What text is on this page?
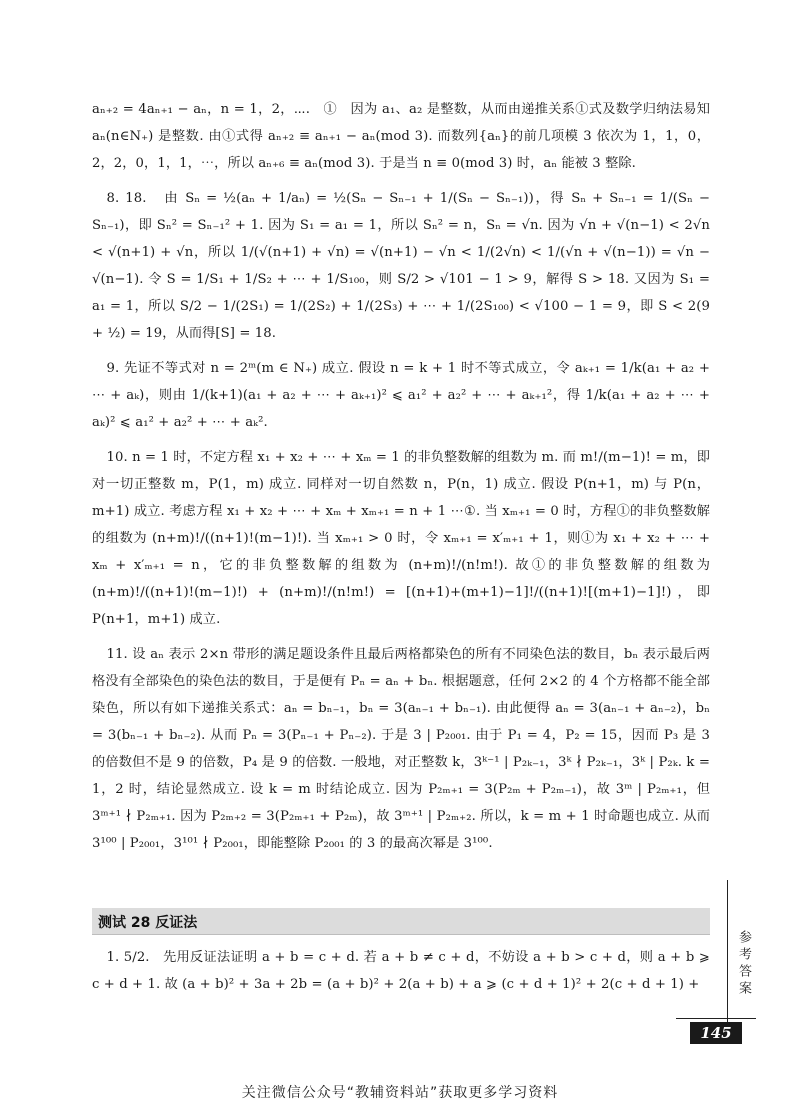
aₙ₊₂ = 4aₙ₊₁ − aₙ，n = 1，2，⋯.   ①   因为 a₁、a₂ 是整数，从而由递推关系①式及数学归纳法易知 aₙ(n∈N₊) 是整数. 由①式得 aₙ₊₂ ≡ aₙ₊₁ − aₙ(mod 3). 而数列{aₙ}的前几项模 3 依次为 1，1，0，2，2，0，1，1，⋯，所以 aₙ₊₆ ≡ aₙ(mod 3). 于是当 n ≡ 0(mod 3) 时，aₙ 能被 3 整除.

8. 18.   由 Sₙ = ½(aₙ + 1/aₙ) = ½(Sₙ − Sₙ₋₁ + 1/(Sₙ − Sₙ₋₁))，得 Sₙ + Sₙ₋₁ = 1/(Sₙ − Sₙ₋₁)，即 Sₙ² = Sₙ₋₁² + 1. 因为 S₁ = a₁ = 1，所以 Sₙ² = n，Sₙ = √n. 因为 √n + √(n−1) < 2√n < √(n+1) + √n，所以 1/(√(n+1) + √n) = √(n+1) − √n < 1/(2√n) < 1/(√n + √(n−1)) = √n − √(n−1). 令 S = 1/S₁ + 1/S₂ + ⋯ + 1/S₁₀₀，则 S/2 > √101 − 1 > 9，解得 S > 18. 又因为 S₁ = a₁ = 1，所以 S/2 − 1/(2S₁) = 1/(2S₂) + 1/(2S₃) + ⋯ + 1/(2S₁₀₀) < √100 − 1 = 9，即 S < 2(9 + ½) = 19，从而得[S] = 18.

9. 先证不等式对 n = 2ᵐ(m ∈ N₊) 成立. 假设 n = k + 1 时不等式成立，令 aₖ₊₁ = 1/k(a₁ + a₂ + ⋯ + aₖ)，则由 1/(k+1)(a₁ + a₂ + ⋯ + aₖ₊₁)² ⩽ a₁² + a₂² + ⋯ + aₖ₊₁²，得 1/k(a₁ + a₂ + ⋯ + aₖ)² ⩽ a₁² + a₂² + ⋯ + aₖ².

10. n = 1 时，不定方程 x₁ + x₂ + ⋯ + xₘ = 1 的非负整数解的组数为 m. 而 m!/(m−1)! = m，即对一切正整数 m，P(1，m) 成立. 同样对一切自然数 n，P(n，1) 成立. 假设 P(n+1，m) 与 P(n，m+1) 成立. 考虑方程 x₁ + x₂ + ⋯ + xₘ + xₘ₊₁ = n + 1 ⋯①. 当 xₘ₊₁ = 0 时，方程①的非负整数解的组数为 (n+m)!/((n+1)!(m−1)!). 当 xₘ₊₁ > 0 时，令 xₘ₊₁ = x′ₘ₊₁ + 1，则①为 x₁ + x₂ + ⋯ + xₘ + x′ₘ₊₁ = n，它的非负整数解的组数为 (n+m)!/(n!m!). 故①的非负整数解的组数为 (n+m)!/((n+1)!(m−1)!) + (n+m)!/(n!m!) = [(n+1)+(m+1)−1]!/((n+1)![(m+1)−1]!)，即 P(n+1，m+1) 成立.

11. 设 aₙ 表示 2×n 带形的满足题设条件且最后两格都染色的所有不同染色法的数目，bₙ 表示最后两格没有全部染色的染色法的数目，于是便有 Pₙ = aₙ + bₙ. 根据题意，任何 2×2 的 4 个方格都不能全部染色，所以有如下递推关系式：aₙ = bₙ₋₁，bₙ = 3(aₙ₋₁ + bₙ₋₁). 由此便得 aₙ = 3(aₙ₋₁ + aₙ₋₂)，bₙ = 3(bₙ₋₁ + bₙ₋₂). 从而 Pₙ = 3(Pₙ₋₁ + Pₙ₋₂). 于是 3 | P₂₀₀₁. 由于 P₁ = 4，P₂ = 15，因而 P₃ 是 3 的倍数但不是 9 的倍数，P₄ 是 9 的倍数. 一般地，对正整数 k，3ᵏ⁻¹ | P₂ₖ₋₁，3ᵏ ∤ P₂ₖ₋₁，3ᵏ | P₂ₖ. k = 1，2 时，结论显然成立. 设 k = m 时结论成立. 因为 P₂ₘ₊₁ = 3(P₂ₘ + P₂ₘ₋₁)，故 3ᵐ | P₂ₘ₊₁，但 3ᵐ⁺¹ ∤ P₂ₘ₊₁. 因为 P₂ₘ₊₂ = 3(P₂ₘ₊₁ + P₂ₘ)，故 3ᵐ⁺¹ | P₂ₘ₊₂. 所以，k = m + 1 时命题也成立. 从而 3¹⁰⁰ | P₂₀₀₁，3¹⁰¹ ∤ P₂₀₀₁，即能整除 P₂₀₀₁ 的 3 的最高次幂是 3¹⁰⁰.

测试 28 反证法

1. 5/2.   先用反证法证明 a + b = c + d. 若 a + b ≠ c + d，不妨设 a + b > c + d，则 a + b ⩾ c + d + 1. 故 (a + b)² + 3a + 2b = (a + b)² + 2(a + b) + a ⩾ (c + d + 1)² + 2(c + d + 1) +	参考答案
145
关注微信公众号“教辅资料站”获取更多学习资料
